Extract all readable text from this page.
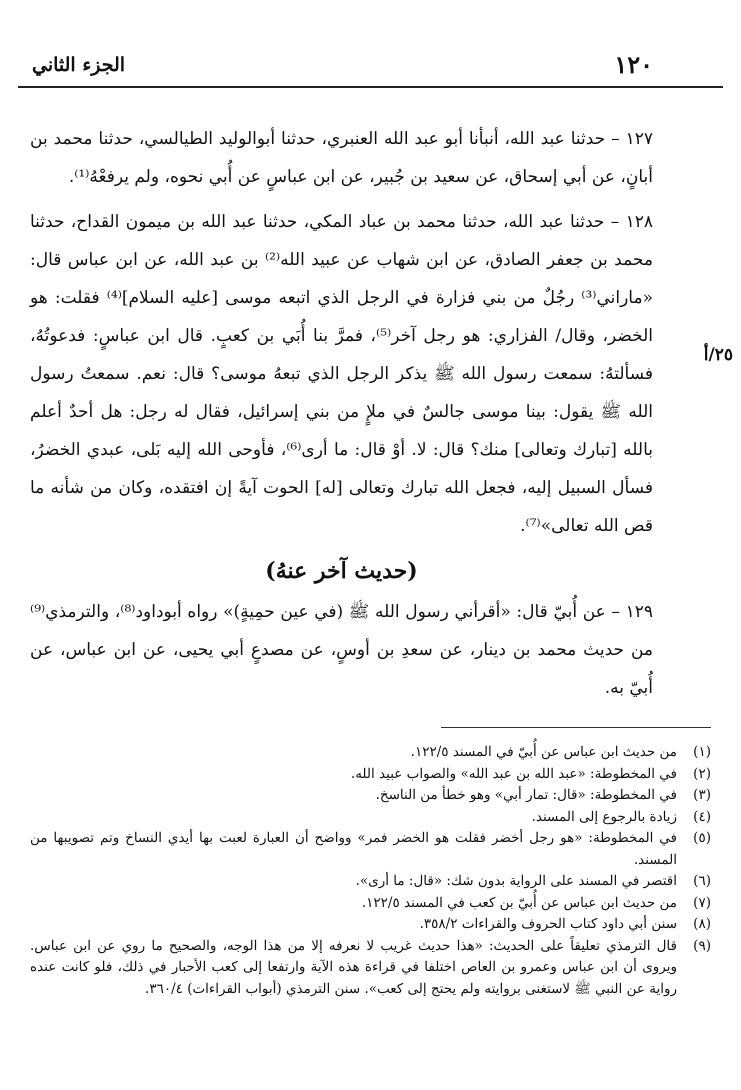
١٢٠
الجزء الثاني
٢٥/أ

١٢٧ – حدثنا عبد الله، أنبأنا أبو عبد الله العنبري، حدثنا أبوالوليد الطيالسي، حدثنا محمد بن أبانٍ، عن أبي إسحاق، عن سعيد بن جُبير، عن ابن عباسٍ عن أُبي نحوه، ولم يرفعْهُ⁽¹⁾.

١٢٨ – حدثنا عبد الله، حدثنا محمد بن عباد المكي، حدثنا عبد الله بن ميمون القداح، حدثنا محمد بن جعفر الصادق، عن ابن شهاب عن عبيد الله⁽²⁾ بن عبد الله، عن ابن عباس قال: «ماراني⁽³⁾ رجُلٌ من بني فزارة في الرجل الذي اتبعه موسى [عليه السلام]⁽⁴⁾ فقلت: هو الخضر، وقال/ الفزاري: هو رجل آخر⁽⁵⁾، فمرَّ بنا أُبَي بن كعبٍ. قال ابن عباسٍ: فدعوتُهُ، فسألتهُ: سمعت رسول الله ﷺ يذكر الرجل الذي تبعهُ موسى؟ قال: نعم. سمعتُ رسول الله ﷺ يقول: بينا موسى جالسٌ في ملإٍ من بني إسرائيل، فقال له رجل: هل أحدٌ أعلم بالله [تبارك وتعالى] منك؟ قال: لا. أوْ قال: ما أرى⁽⁶⁾، فأوحى الله إليه بَلى، عبدي الخضرُ، فسأل السبيل إليه، فجعل الله تبارك وتعالى [له] الحوت آيةً إن افتقده، وكان من شأنه ما قص الله تعالى»⁽⁷⁾.

(حديث آخر عنهُ)

١٢٩ – عن أُبيّ قال: «أقرأني رسول الله ﷺ (في عين حمِيةٍ)» رواه أبوداود⁽⁸⁾، والترمذي⁽⁹⁾ من حديث محمد بن دينار، عن سعدِ بن أوسٍ، عن مصدعٍ أبي يحيى، عن ابن عباس، عن أُبيّ به.

(١)
من حديث ابن عباس عن أُبيّ في المسند ١٢٢/٥.
(٢)
في المخطوطة: «عبد الله بن عبد الله» والصواب عبيد الله.
(٣)
في المخطوطة: «قال: تمار أبي» وهو خطأ من الناسخ.
(٤)
زيادة بالرجوع إلى المسند.
(٥)
في المخطوطة: «هو رجل أخضر فقلت هو الخضر فمر» وواضح أن العبارة لعبت بها أيدي النساخ وتم تصويبها من المسند.
(٦)
اقتصر في المسند على الرواية بدون شك: «قال: ما أرى».
(٧)
من حديث ابن عباس عن أُبيّ بن كعب في المسند ١٢٢/٥.
(٨)
سنن أبي داود كتاب الحروف والقراءات ٣٥٨/٢.
(٩)
قال الترمذي تعليقاً على الحديث: «هذا حديث غريب لا نعرفه إلا من هذا الوجه، والصحيح ما روي عن ابن عباس. ويروى أن ابن عباس وعمرو بن العاص اختلفا في قراءة هذه الآية وارتفعا إلى كعب الأحبار في ذلك، فلو كانت عنده رواية عن النبي ﷺ لاستغنى بروايته ولم يحتج إلى كعب». سنن الترمذي (أبواب القراءات) ٣٦٠/٤.
